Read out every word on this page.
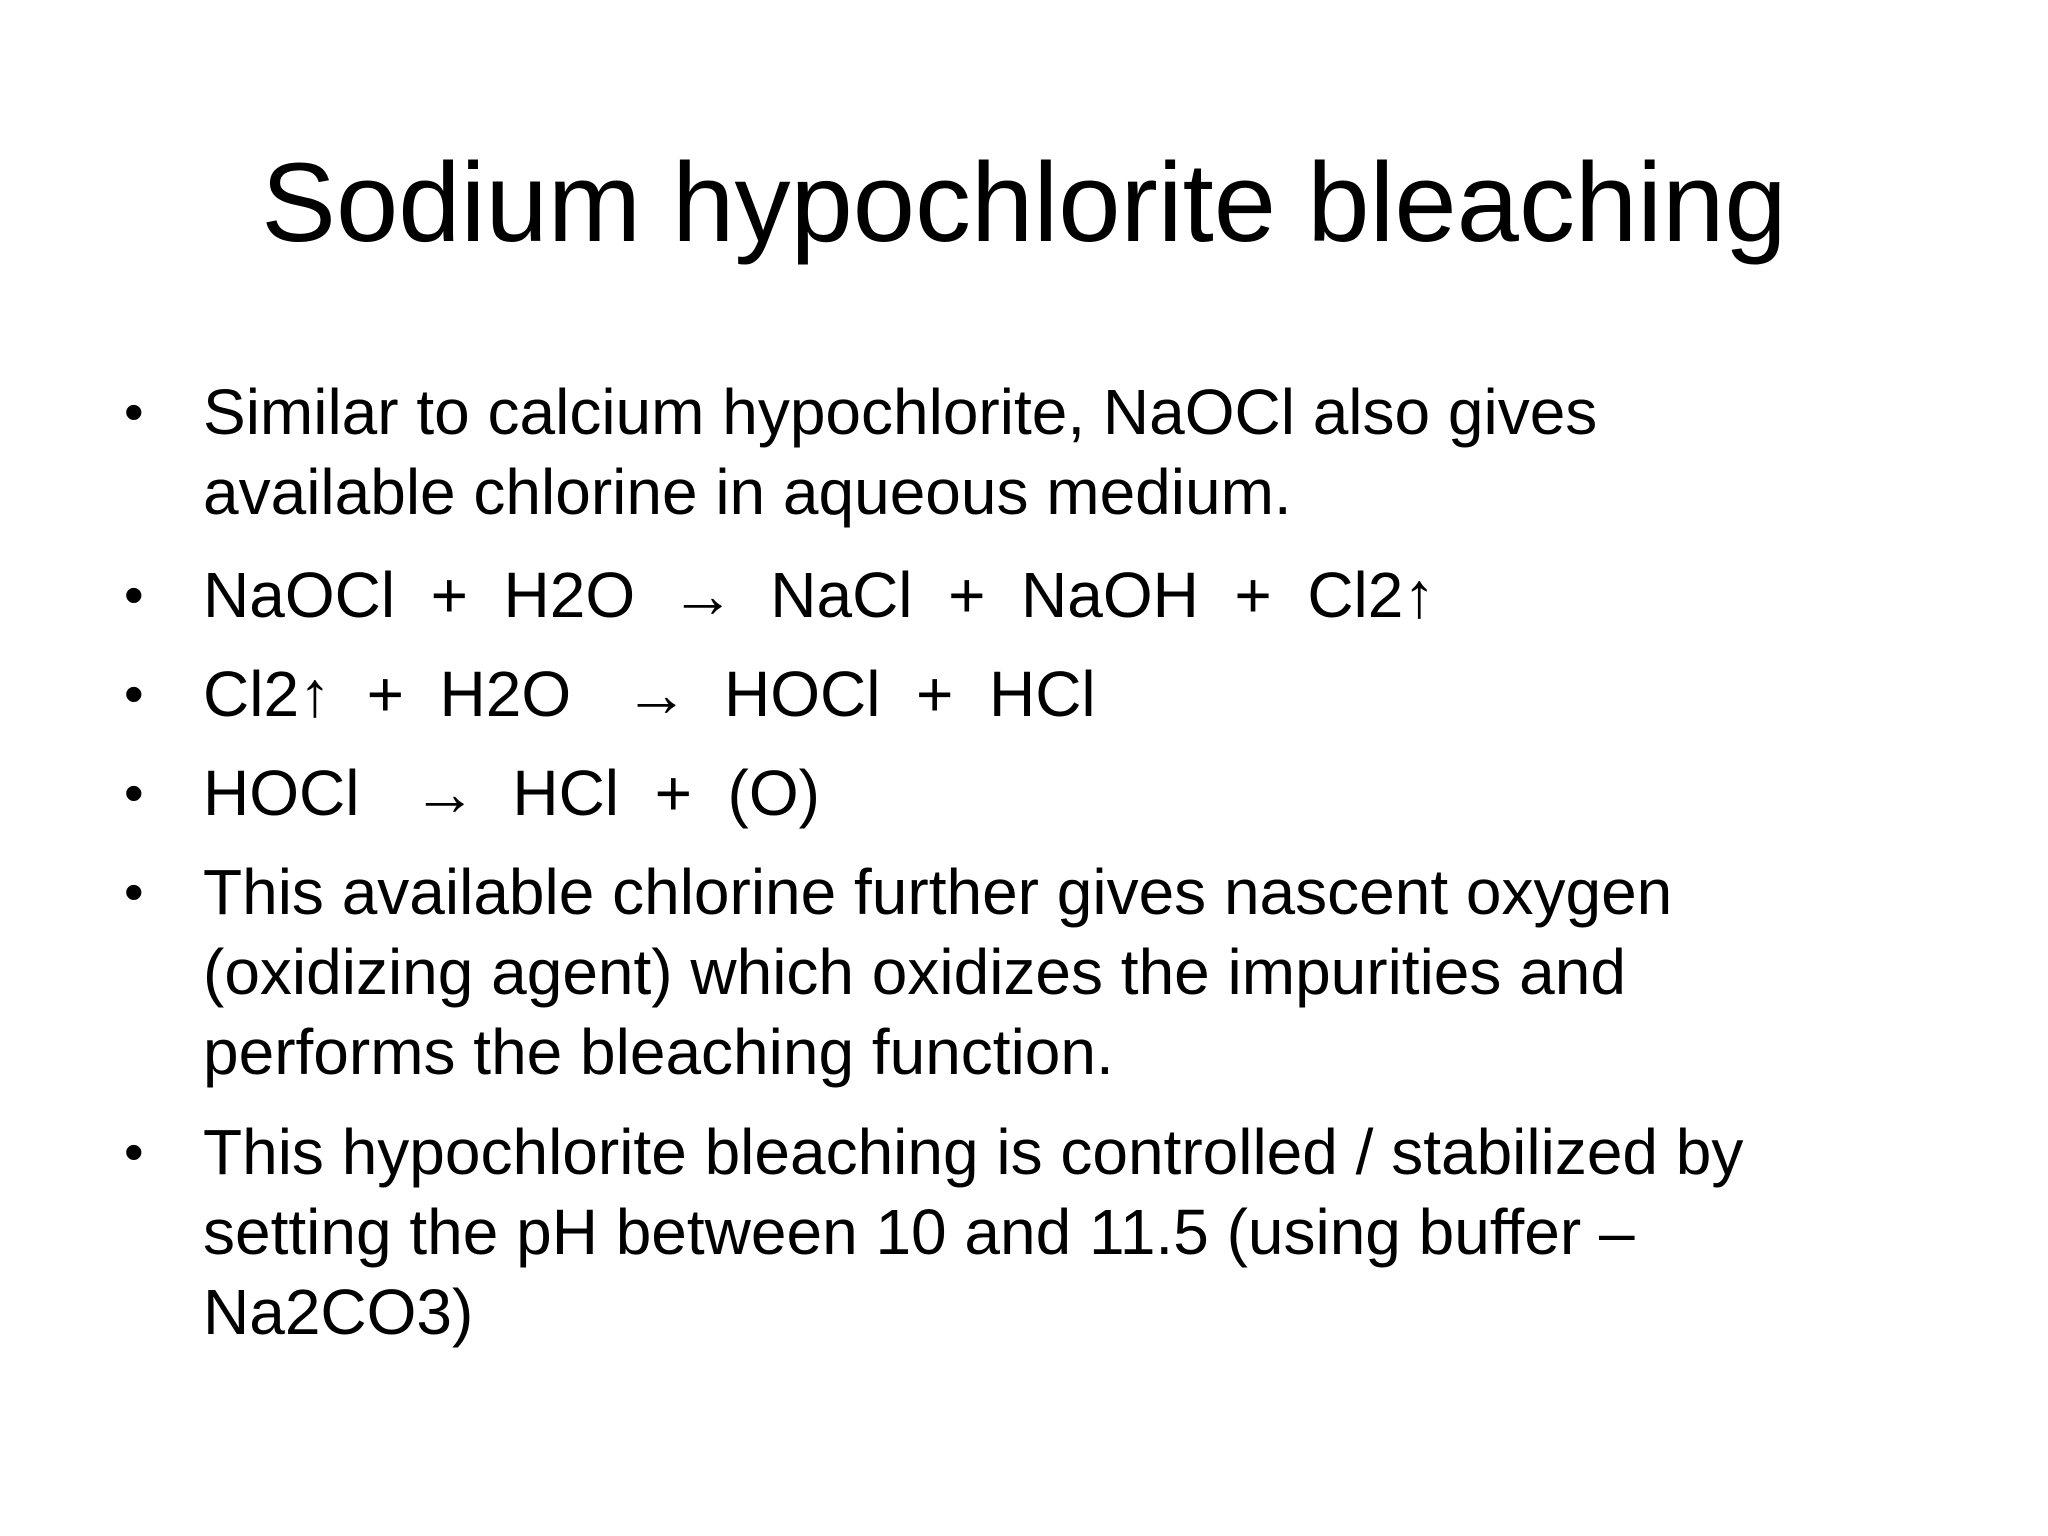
Sodium hypochlorite bleaching
• Similar to calcium hypochlorite, NaOCl also gives
available chlorine in aqueous medium.
• NaOCl  +  H2O  →  NaCl  +  NaOH  +  Cl2↑
• Cl2↑  +  H2O   →  HOCl  +  HCl
• HOCl   →  HCl  +  (O)
• This available chlorine further gives nascent oxygen
(oxidizing agent) which oxidizes the impurities and
performs the bleaching function.
• This hypochlorite bleaching is controlled / stabilized by
setting the pH between 10 and 11.5 (using buffer –
Na2CO3)
